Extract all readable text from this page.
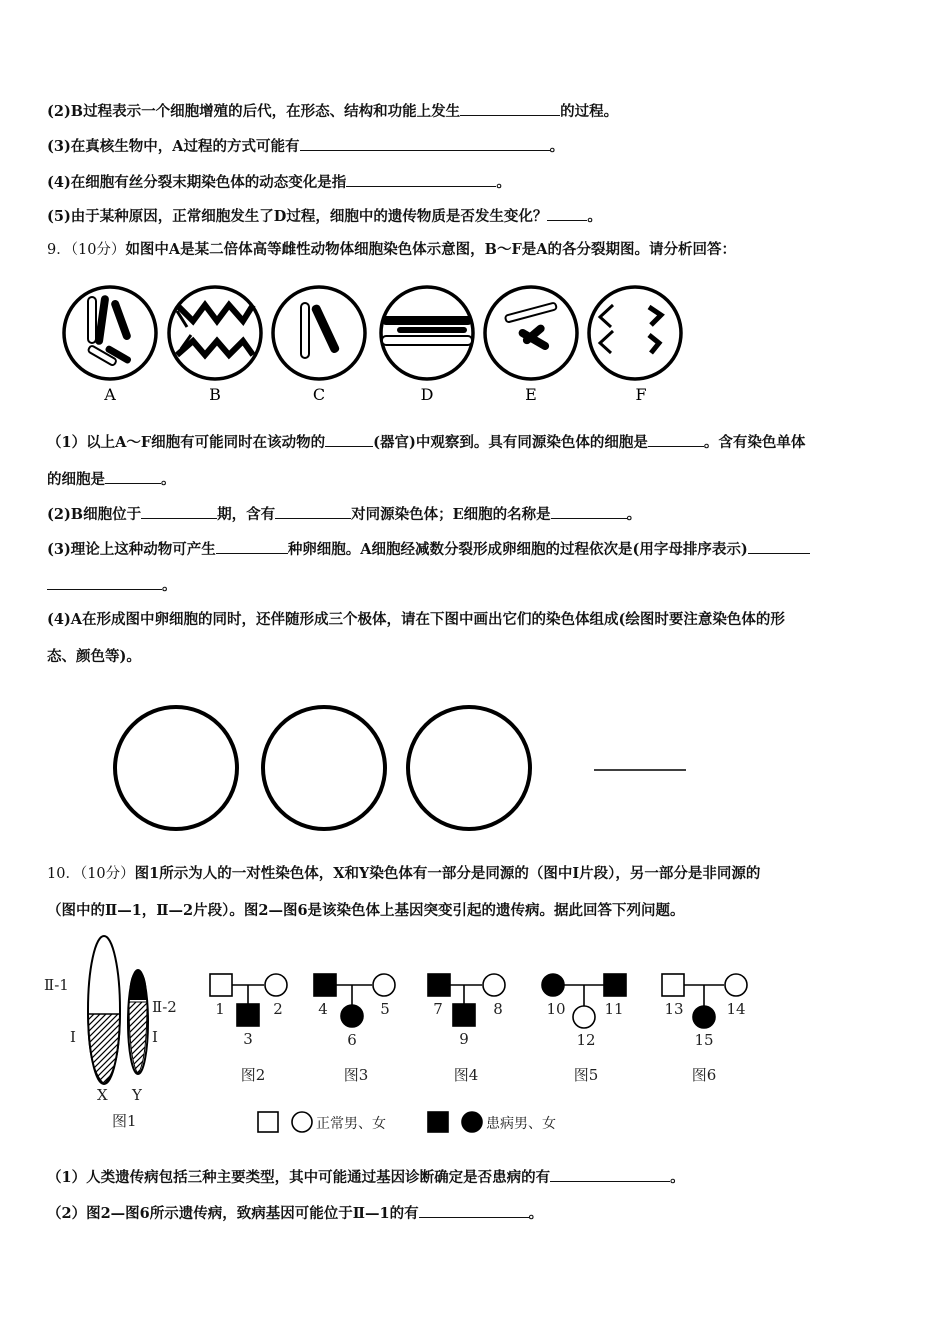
(2)B过程表示一个细胞增殖的后代，在形态、结构和功能上发生	的过程。
(3)在真核生物中，A过程的方式可能有	。
(4)在细胞有丝分裂末期染色体的动态变化是指	。
(5)由于某种原因，正常细胞发生了D过程，细胞中的遗传物质是否发生变化？	。
9．（10分）如图中A是某二倍体高等雌性动物体细胞染色体示意图，B～F是A的各分裂期图。请分析回答：
A	B	C	D	E	F
（1）以上A～F细胞有可能同时在该动物的	(器官)中观察到。具有同源染色体的细胞是	。含有染色单体
的细胞是	。
(2)B细胞位于	期，含有	对同源染色体；E细胞的名称是	。
(3)理论上这种动物可产生	种卵细胞。A细胞经减数分裂形成卵细胞的过程依次是(用字母排序表示)
。
(4)A在形成图中卵细胞的同时，还伴随形成三个极体，请在下图中画出它们的染色体组成(绘图时要注意染色体的形
态、颜色等)。
10．（10分）图1所示为人的一对性染色体，X和Y染色体有一部分是同源的（图中Ⅰ片段），另一部分是非同源的
（图中的Ⅱ—1，Ⅱ—2片段）。图2—图6是该染色体上基因突变引起的遗传病。据此回答下列问题。
Ⅱ-1
Ⅱ-2
Ⅰ	Ⅰ
X Y
图1
1	2
3
图2
4	5
6
图3
7	8
9
图4
10	11
12
图5
13	14
15
图6
正常男、女	患病男、女
（1）人类遗传病包括三种主要类型，其中可能通过基因诊断确定是否患病的有	。
（2）图2—图6所示遗传病，致病基因可能位于Ⅱ—1的有	。
